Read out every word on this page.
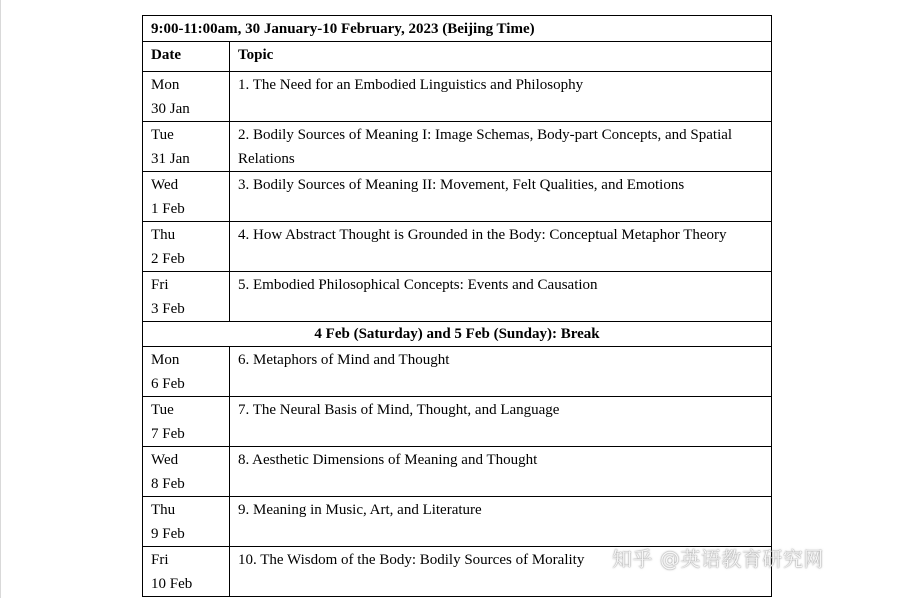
9:00-11:00am, 30 January-10 February, 2023 (Beijing Time)	
Date	Topic

Mon
30 Jan	1. The Need for an Embodied Linguistics and Philosophy

Tue
31 Jan	2. Bodily Sources of Meaning I: Image Schemas, Body-part Concepts, and Spatial Relations

Wed
1 Feb	3. Bodily Sources of Meaning II: Movement, Felt Qualities, and Emotions

Thu
2 Feb	4. How Abstract Thought is Grounded in the Body: Conceptual Metaphor Theory

Fri
3 Feb	5. Embodied Philosophical Concepts: Events and Causation

4 Feb (Saturday) and 5 Feb (Sunday): Break	

Mon
6 Feb	6. Metaphors of Mind and Thought

Tue
7 Feb	7. The Neural Basis of Mind, Thought, and Language

Wed
8 Feb	8. Aesthetic Dimensions of Meaning and Thought

Thu
9 Feb	9. Meaning in Music, Art, and Literature

Fri
10 Feb	10. The Wisdom of the Body: Bodily Sources of Morality	知乎 @英语教育研究网
